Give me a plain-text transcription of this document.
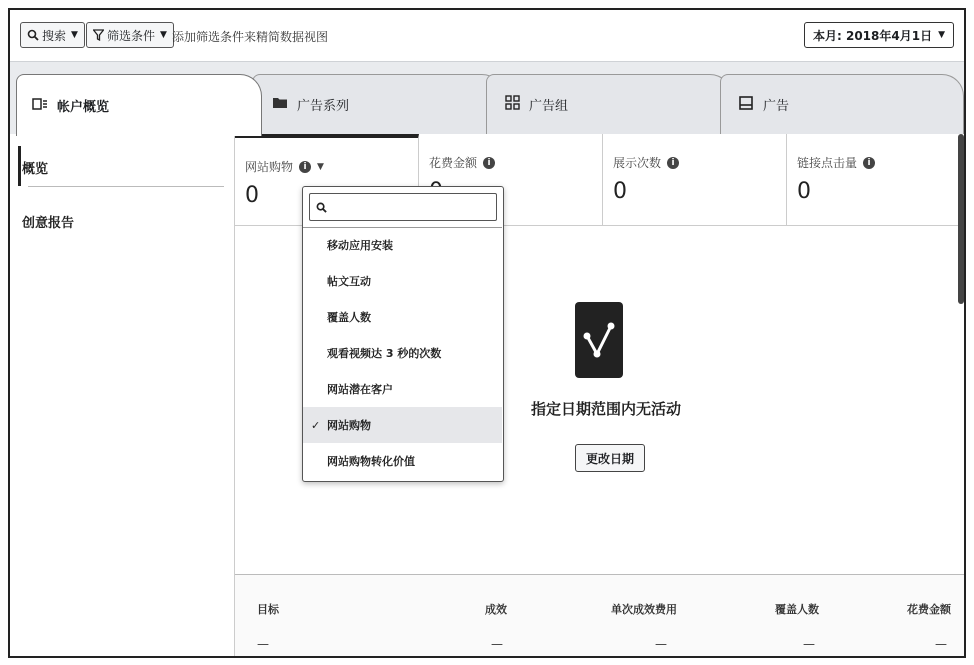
搜索 ▼ 筛选条件 ▼ 添加筛选条件来精简数据视图	本月: 2018年4月1日 ▼
帐户概览	广告系列	广告组	广告
概览
创意报告
网站购物	i	▼
0
花费金额	i	展示次数	i
0
链接点击量	i
0
指定日期范围内无活动
更改日期
目标	成效	单次成效费用	覆盖人数	花费金额
—	—	—	—	—
移动应用安装
帖文互动
覆盖人数
观看视频达 3 秒的次数
网站潜在客户
✓ 网站购物
网站购物转化价值
